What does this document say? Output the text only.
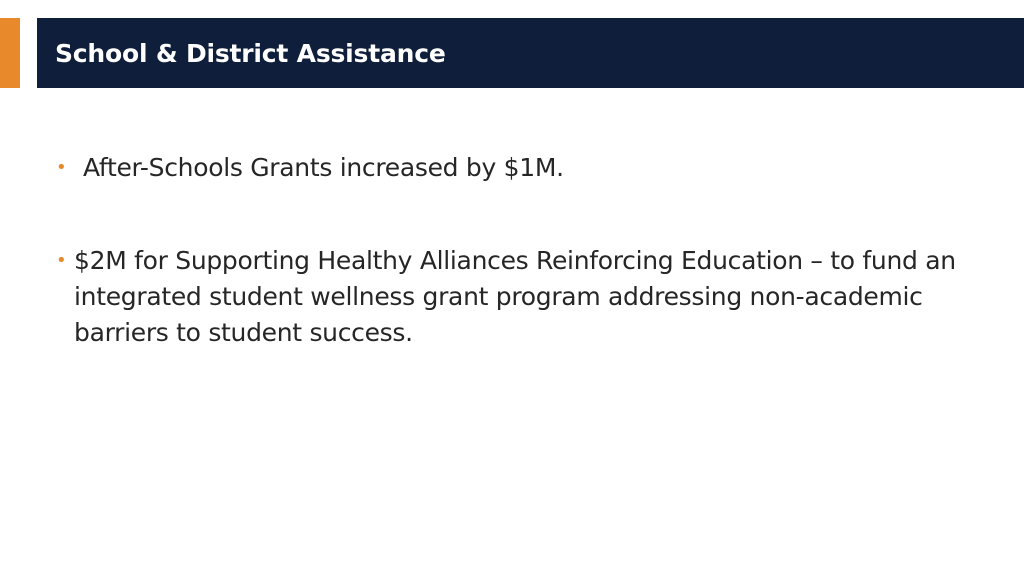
School & District Assistance
• After-Schools Grants increased by $1M.
• $2M for Supporting Healthy Alliances Reinforcing Education – to fund an integrated student wellness grant program addressing non-academic barriers to student success.
